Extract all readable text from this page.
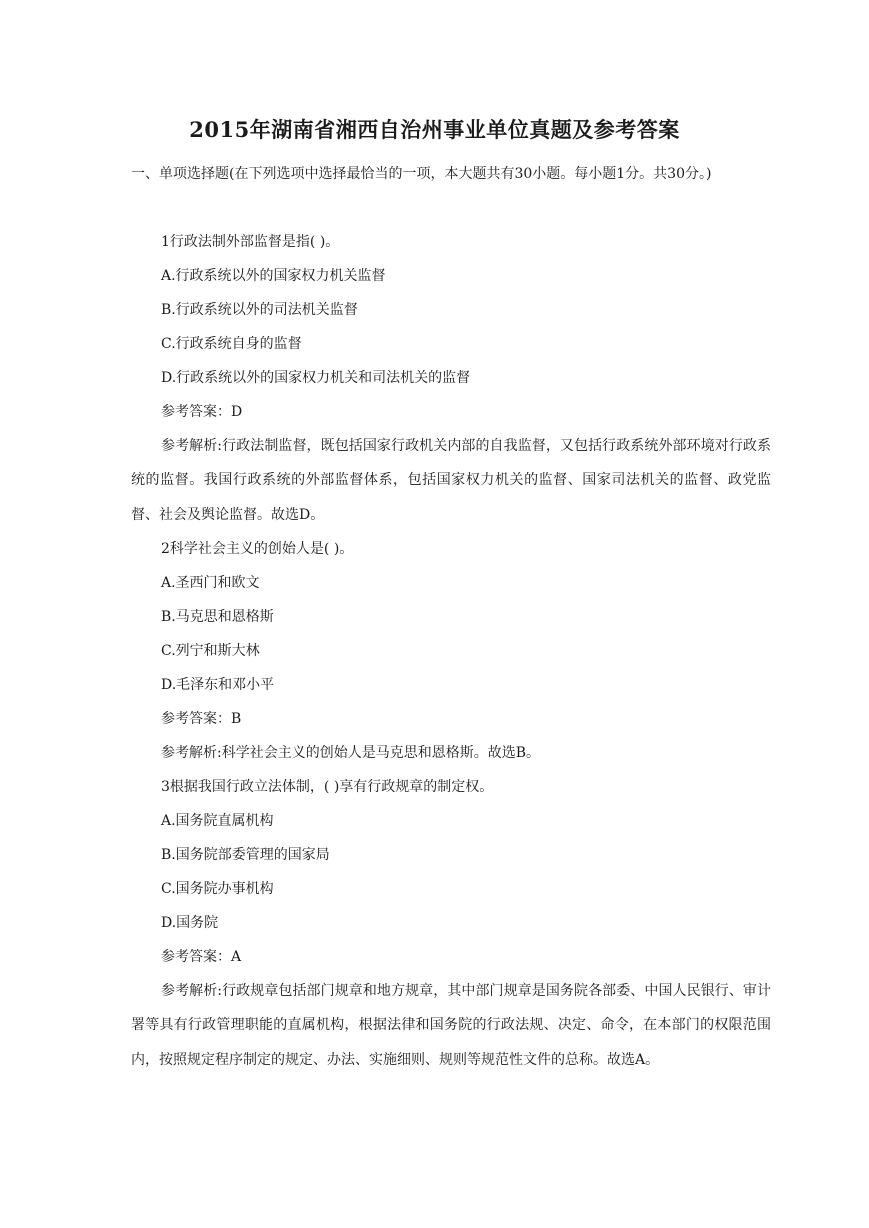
2015年湖南省湘西自治州事业单位真题及参考答案
一、单项选择题(在下列选项中选择最恰当的一项，本大题共有30小题。每小题1分。共30分。)
1行政法制外部监督是指( )。
A.行政系统以外的国家权力机关监督
B.行政系统以外的司法机关监督
C.行政系统自身的监督
D.行政系统以外的国家权力机关和司法机关的监督
参考答案：D

参考解析:行政法制监督，既包括国家行政机关内部的自我监督，又包括行政系统外部环境对行政系统的监督。我国行政系统的外部监督体系，包括国家权力机关的监督、国家司法机关的监督、政党监督、社会及舆论监督。故选D。

2科学社会主义的创始人是( )。
A.圣西门和欧文
B.马克思和恩格斯
C.列宁和斯大林
D.毛泽东和邓小平
参考答案：B

参考解析:科学社会主义的创始人是马克思和恩格斯。故选B。

3根据我国行政立法体制，( )享有行政规章的制定权。
A.国务院直属机构
B.国务院部委管理的国家局
C.国务院办事机构
D.国务院
参考答案：A

参考解析:行政规章包括部门规章和地方规章，其中部门规章是国务院各部委、中国人民银行、审计署等具有行政管理职能的直属机构，根据法律和国务院的行政法规、决定、命令，在本部门的权限范围内，按照规定程序制定的规定、办法、实施细则、规则等规范性文件的总称。故选A。
